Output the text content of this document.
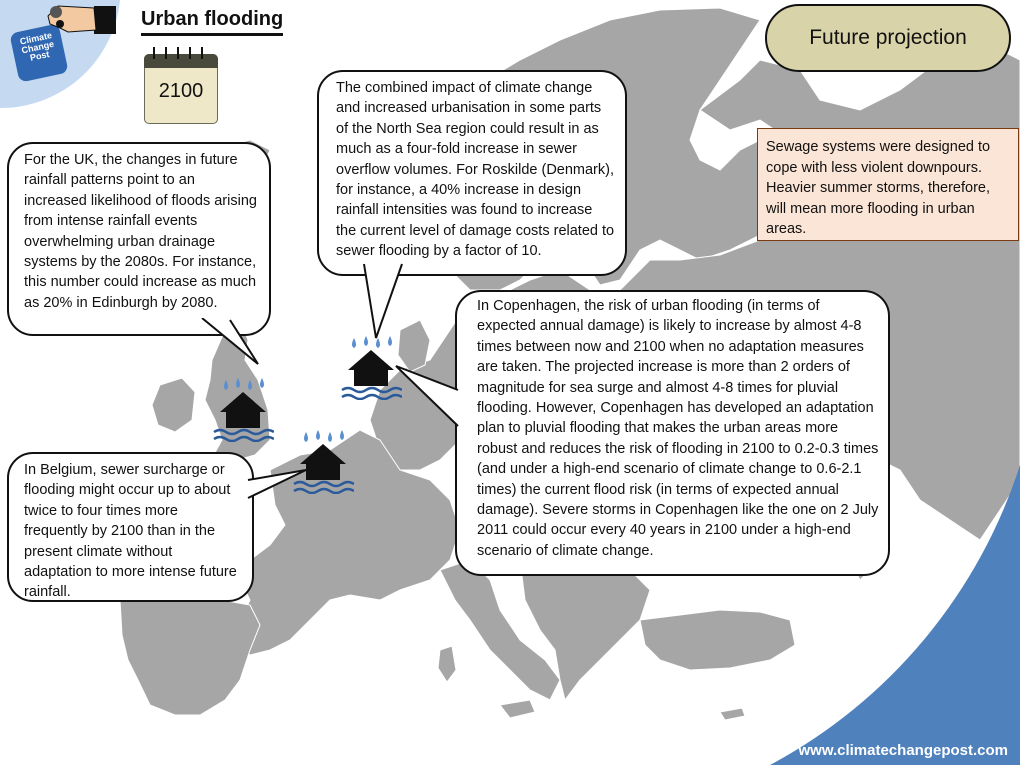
Climate Change Post
Urban flooding
2100
Future projection
Sewage systems were designed to cope with less violent downpours. Heavier summer storms, therefore, will mean more flooding in urban areas.
For the UK, the changes in future rainfall patterns point to an increased likelihood of floods arising from intense rainfall events overwhelming urban drainage systems by the 2080s. For instance, this number could increase as much as 20% in Edinburgh by 2080.
The combined impact of climate change and increased urbanisation in some parts of the North Sea region could result in as much as a four-fold increase in sewer overflow volumes. For Roskilde (Denmark), for instance, a 40% increase in design rainfall intensities was found to increase the current level of damage costs related to sewer flooding by a factor of 10.
In Belgium, sewer surcharge or flooding might occur up to about twice to four times more frequently by 2100 than in the present climate without adaptation to more intense future rainfall.
In Copenhagen, the risk of urban flooding (in terms of expected annual damage) is likely to increase by almost 4-8 times between now and 2100 when no adaptation measures are taken. The projected increase is more than 2 orders of magnitude for sea surge and almost 4-8 times for pluvial flooding. However, Copenhagen has developed an adaptation plan to pluvial flooding that makes the urban areas more robust and reduces the risk of flooding in 2100 to 0.2-0.3 times (and under a high-end scenario of climate change to 0.6-2.1 times) the current flood risk (in terms of expected annual damage). Severe storms in Copenhagen like the one on 2 July 2011 could occur every 40 years in 2100 under a high-end scenario of climate change.
www.climatechangepost.com
